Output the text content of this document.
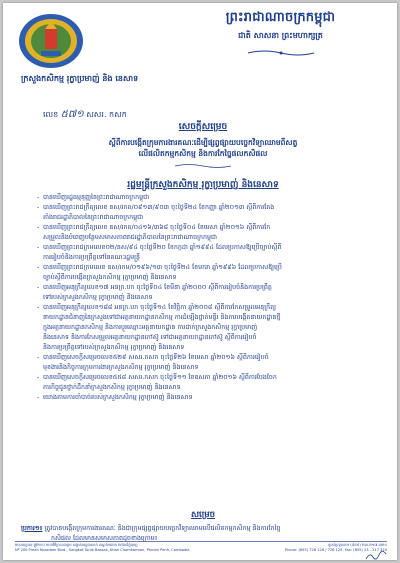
ព្រះរាជាណាចក្រកម្ពុជា
ជាតិ សាសនា ព្រះមហាក្សត្រ
ក្រសួងកសិកម្ម រុក្ខាប្រមាញ់ និង នេសាទ
លេខ ៥៧១ សសរ. កសក
សេចក្តីសម្រេច
ស្តីពីការបង្កើតក្រុមការងារគណៈដើម្បីផ្សព្វផ្សាយបច្ចេកវិទ្យាឈាមពីសត្វ
លើផលិតកម្មកសិកម្ម និងការកែច្នៃផលកសិផល
រដ្ឋមន្ត្រីក្រសួងកសិកម្ម រុក្ខាប្រមាញ់ និងនេសាទ
- បានឃើញរដ្ឋធម្មនុញ្ញនៃព្រះរាជាណាចក្រកម្ពុជា
- បានឃើញព្រះរាជក្រឹត្យលេខ នស/រកត/០៩១៣/៩០៣ ចុះថ្ងៃទី២៤ ខែកញ្ញា ឆ្នាំ២០១៣ ស្តីពីការតែង
តាំងរាជរដ្ឋាភិបាលនៃព្រះរាជាណាចក្រកម្ពុជា
- បានឃើញព្រះរាជក្រឹត្យលេខ នស/រកត/០៤១៦/៣៦៨ ចុះថ្ងៃទី០៤ ខែមេសា ឆ្នាំ២០១៦ ស្តីពីការកែ
សម្រួលនិងបំពេញបន្ថែមសមាសភាពរាជរដ្ឋាភិបាលនៃព្រះរាជាណាចក្រកម្ពុជា
- បានឃើញព្រះរាជក្រមលេខ០២/នស/៩៤ ចុះថ្ងៃទី២០ ខែកក្កដា ឆ្នាំ១៩៩៤ ដែលប្រកាសឱ្យប្រើច្បាប់ស្តីពី
ការរៀបចំនិងការប្រព្រឹត្តទៅនៃគណៈរដ្ឋមន្ត្រី
- បានឃើញព្រះរាជក្រមលេខ នស/រកម/០១៩៦/១៣ ចុះថ្ងៃទី២៤ ខែមករា ឆ្នាំ១៩៩៦ ដែលប្រកាសឱ្យប្រើ
ច្បាប់ស្តីពីការបង្កើតក្រសួងកសិកម្ម រុក្ខាប្រមាញ់ និងនេសាទ
- បានឃើញអនុក្រឹត្យលេខ១៧ អនក្រ.បក ចុះថ្ងៃទី០៤ ខែមីនា ឆ្នាំ២០០០ ស្តីពីការរៀបចំនិងការប្រព្រឹត្ត
ទៅរបស់ក្រសួងកសិកម្ម រុក្ខាប្រមាញ់ និងនេសាទ
- បានឃើញអនុក្រឹត្យលេខ១៨៨ អនក្រ.បក ចុះថ្ងៃទី១៤ ខែវិច្ឆិកា ឆ្នាំ២០០៨ ស្តីពីការកែសម្រួលអនុក្រឹត្យ
នាយកដ្ឋានជំនាញនៃក្រសួងទៅជាអគ្គនាយកដ្ឋានកសិកម្ម ការដំឡើងថ្នាក់មន្ទីរ និងការបង្កើតនាយកដ្ឋានថ្មី
ក្នុងអគ្គនាយកដ្ឋានកសិកម្ម និងការប្តូរឈ្មោះអគ្គនាយកដ្ឋាន ការដាក់ក្រសួងកសិកម្ម រុក្ខាប្រមាញ់
និងនេសាទ និងការកែសម្រួលអគ្គនាយកដ្ឋានកៅស៊ូ ទៅជាអគ្គនាយកដ្ឋានកៅស៊ូ ស្តីពីការរៀបចំ
និងការប្រព្រឹត្តទៅរបស់ក្រសួងកសិកម្ម រុក្ខាប្រមាញ់ និងនេសាទ
- បានឃើញសេចក្តីសម្រេចលេខ៥២៩ សសរ.កសក ចុះថ្ងៃទី២៦ ខែមេសា ឆ្នាំ២០១៦ ស្តីពីការរៀបចំ
មុខងារនិងកិច្ចការក្រុមការងារក្រសួងកសិកម្ម រុក្ខាប្រមាញ់ និងនេសាទ
- បានឃើញសេចក្តីសម្រេចលេខ៥៥៨ សសរ.កសក ចុះថ្ងៃទី១១ ខែឧសភា ឆ្នាំ២០១៦ ស្តីពីការបែងចែក
ភារកិច្ចជូនថ្នាក់ដឹកនាំក្រសួងកសិកម្ម រុក្ខាប្រមាញ់ និងនេសាទ
- យោងតាមការចាំបាច់របស់ក្រសួងកសិកម្ម រុក្ខាប្រមាញ់ និងនេសាទ
សម្រេច
ប្រការ១៖ ត្រូវបានបង្កើតក្រុមការងារគណៈ និងជាក្រុមផ្សព្វផ្សាយបច្ចេកវិទ្យាឈាមលើផលិតកម្មកសិកម្ម និងការកែច្នៃ
កសិផល ដែលមានសមាសភាពដូចខាងក្រោម៖
អាសយដ្ឋាន៖ ផ្លូវ២០០ មហាវិថីព្រះនរោត្តម សង្កាត់ទន្លេបាសាក់ ខណ្ឌចំការមន រាជធានីភ្នំពេញ	ទូរស័ព្ទ/ទូរសារ៖ (៨៥៥) ២៣-២១៧-៣២០
Nº 200 Preah Norodom Blvd., Sangkat Tonle Bassak, Khan Chamkarmon, Phnom Penh, Cambodia	Phone: (855) 726 126 / 726 129, Fax: (855) 23 - 217 320
